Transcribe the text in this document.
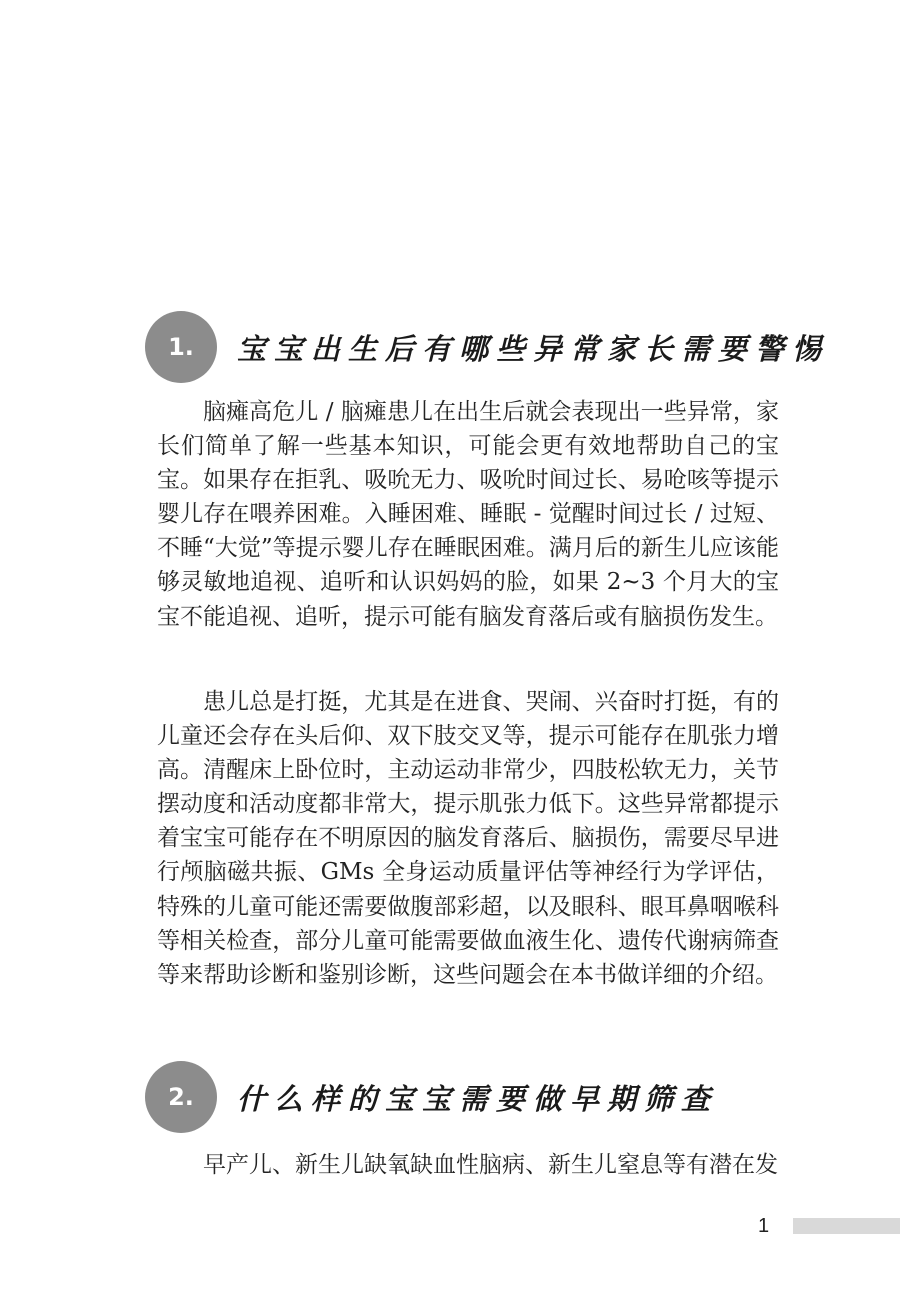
1.	宝宝出生后有哪些异常家长需要警惕

脑瘫高危儿 / 脑瘫患儿在出生后就会表现出一些异常，家长们简单了解一些基本知识，可能会更有效地帮助自己的宝宝。如果存在拒乳、吸吮无力、吸吮时间过长、易呛咳等提示婴儿存在喂养困难。入睡困难、睡眠 - 觉醒时间过长 / 过短、不睡“大觉”等提示婴儿存在睡眠困难。满月后的新生儿应该能够灵敏地追视、追听和认识妈妈的脸，如果 2~3 个月大的宝宝不能追视、追听，提示可能有脑发育落后或有脑损伤发生。

患儿总是打挺，尤其是在进食、哭闹、兴奋时打挺，有的儿童还会存在头后仰、双下肢交叉等，提示可能存在肌张力增高。清醒床上卧位时，主动运动非常少，四肢松软无力，关节摆动度和活动度都非常大，提示肌张力低下。这些异常都提示着宝宝可能存在不明原因的脑发育落后、脑损伤，需要尽早进行颅脑磁共振、GMs 全身运动质量评估等神经行为学评估，特殊的儿童可能还需要做腹部彩超，以及眼科、眼耳鼻咽喉科等相关检查，部分儿童可能需要做血液生化、遗传代谢病筛查等来帮助诊断和鉴别诊断，这些问题会在本书做详细的介绍。

2.	什么样的宝宝需要做早期筛查

早产儿、新生儿缺氧缺血性脑病、新生儿窒息等有潜在发

1
